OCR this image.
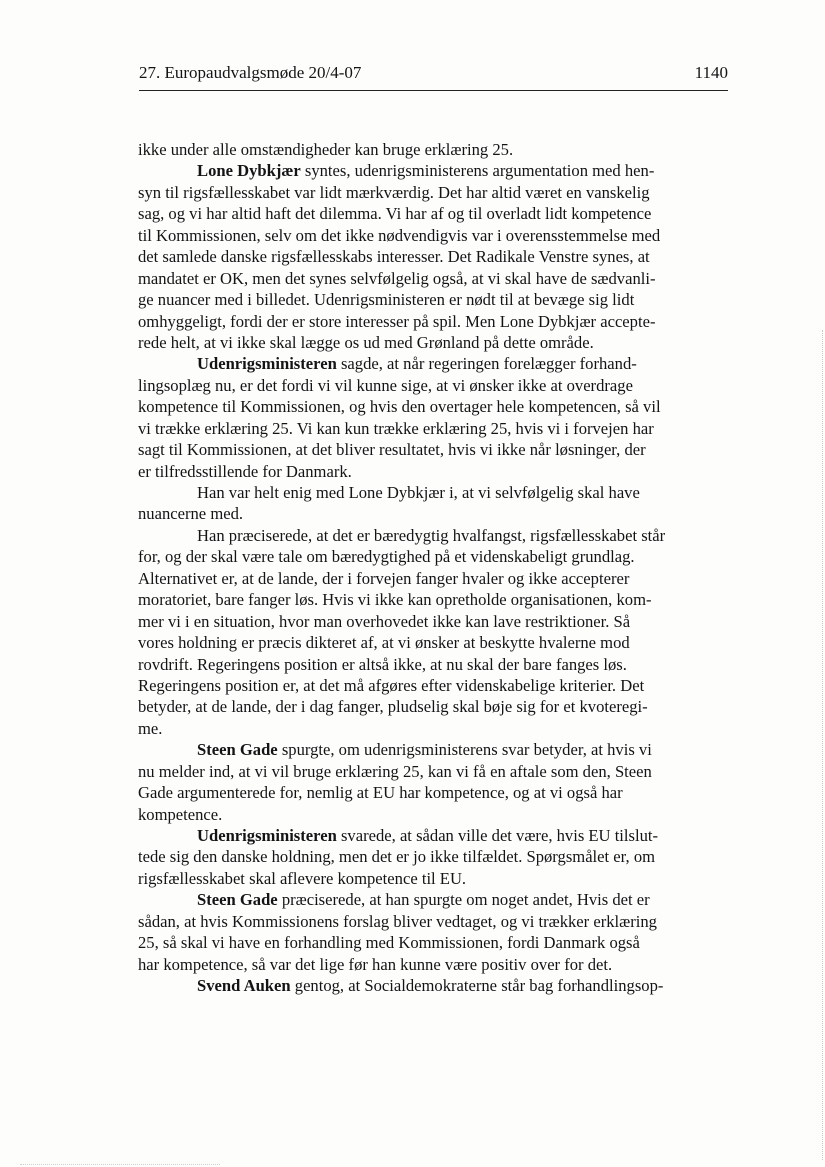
27. Europaudvalgsmøde 20/4-07	1140
ikke under alle omstændigheder kan bruge erklæring 25.
Lone Dybkjær syntes, udenrigsministerens argumentation med hen-
syn til rigsfællesskabet var lidt mærkværdig. Det har altid været en vanskelig
sag, og vi har altid haft det dilemma. Vi har af og til overladt lidt kompetence
til Kommissionen, selv om det ikke nødvendigvis var i overensstemmelse med
det samlede danske rigsfællesskabs interesser. Det Radikale Venstre synes, at
mandatet er OK, men det synes selvfølgelig også, at vi skal have de sædvanli-
ge nuancer med i billedet. Udenrigsministeren er nødt til at bevæge sig lidt
omhyggeligt, fordi der er store interesser på spil. Men Lone Dybkjær accepte-
rede helt, at vi ikke skal lægge os ud med Grønland på dette område.
Udenrigsministeren sagde, at når regeringen forelægger forhand-
lingsoplæg nu, er det fordi vi vil kunne sige, at vi ønsker ikke at overdrage
kompetence til Kommissionen, og hvis den overtager hele kompetencen, så vil
vi trække erklæring 25. Vi kan kun trække erklæring 25, hvis vi i forvejen har
sagt til Kommissionen, at det bliver resultatet, hvis vi ikke når løsninger, der
er tilfredsstillende for Danmark.
Han var helt enig med Lone Dybkjær i, at vi selvfølgelig skal have
nuancerne med.
Han præciserede, at det er bæredygtig hvalfangst, rigsfællesskabet står
for, og der skal være tale om bæredygtighed på et videnskabeligt grundlag.
Alternativet er, at de lande, der i forvejen fanger hvaler og ikke accepterer
moratoriet, bare fanger løs. Hvis vi ikke kan opretholde organisationen, kom-
mer vi i en situation, hvor man overhovedet ikke kan lave restriktioner. Så
vores holdning er præcis dikteret af, at vi ønsker at beskytte hvalerne mod
rovdrift. Regeringens position er altså ikke, at nu skal der bare fanges løs.
Regeringens position er, at det må afgøres efter videnskabelige kriterier. Det
betyder, at de lande, der i dag fanger, pludselig skal bøje sig for et kvoteregi-
me.
Steen Gade spurgte, om udenrigsministerens svar betyder, at hvis vi
nu melder ind, at vi vil bruge erklæring 25, kan vi få en aftale som den, Steen
Gade argumenterede for, nemlig at EU har kompetence, og at vi også har
kompetence.
Udenrigsministeren svarede, at sådan ville det være, hvis EU tilslut-
tede sig den danske holdning, men det er jo ikke tilfældet. Spørgsmålet er, om
rigsfællesskabet skal aflevere kompetence til EU.
Steen Gade præciserede, at han spurgte om noget andet, Hvis det er
sådan, at hvis Kommissionens forslag bliver vedtaget, og vi trækker erklæring
25, så skal vi have en forhandling med Kommissionen, fordi Danmark også
har kompetence, så var det lige før han kunne være positiv over for det.
Svend Auken gentog, at Socialdemokraterne står bag forhandlingsop-
